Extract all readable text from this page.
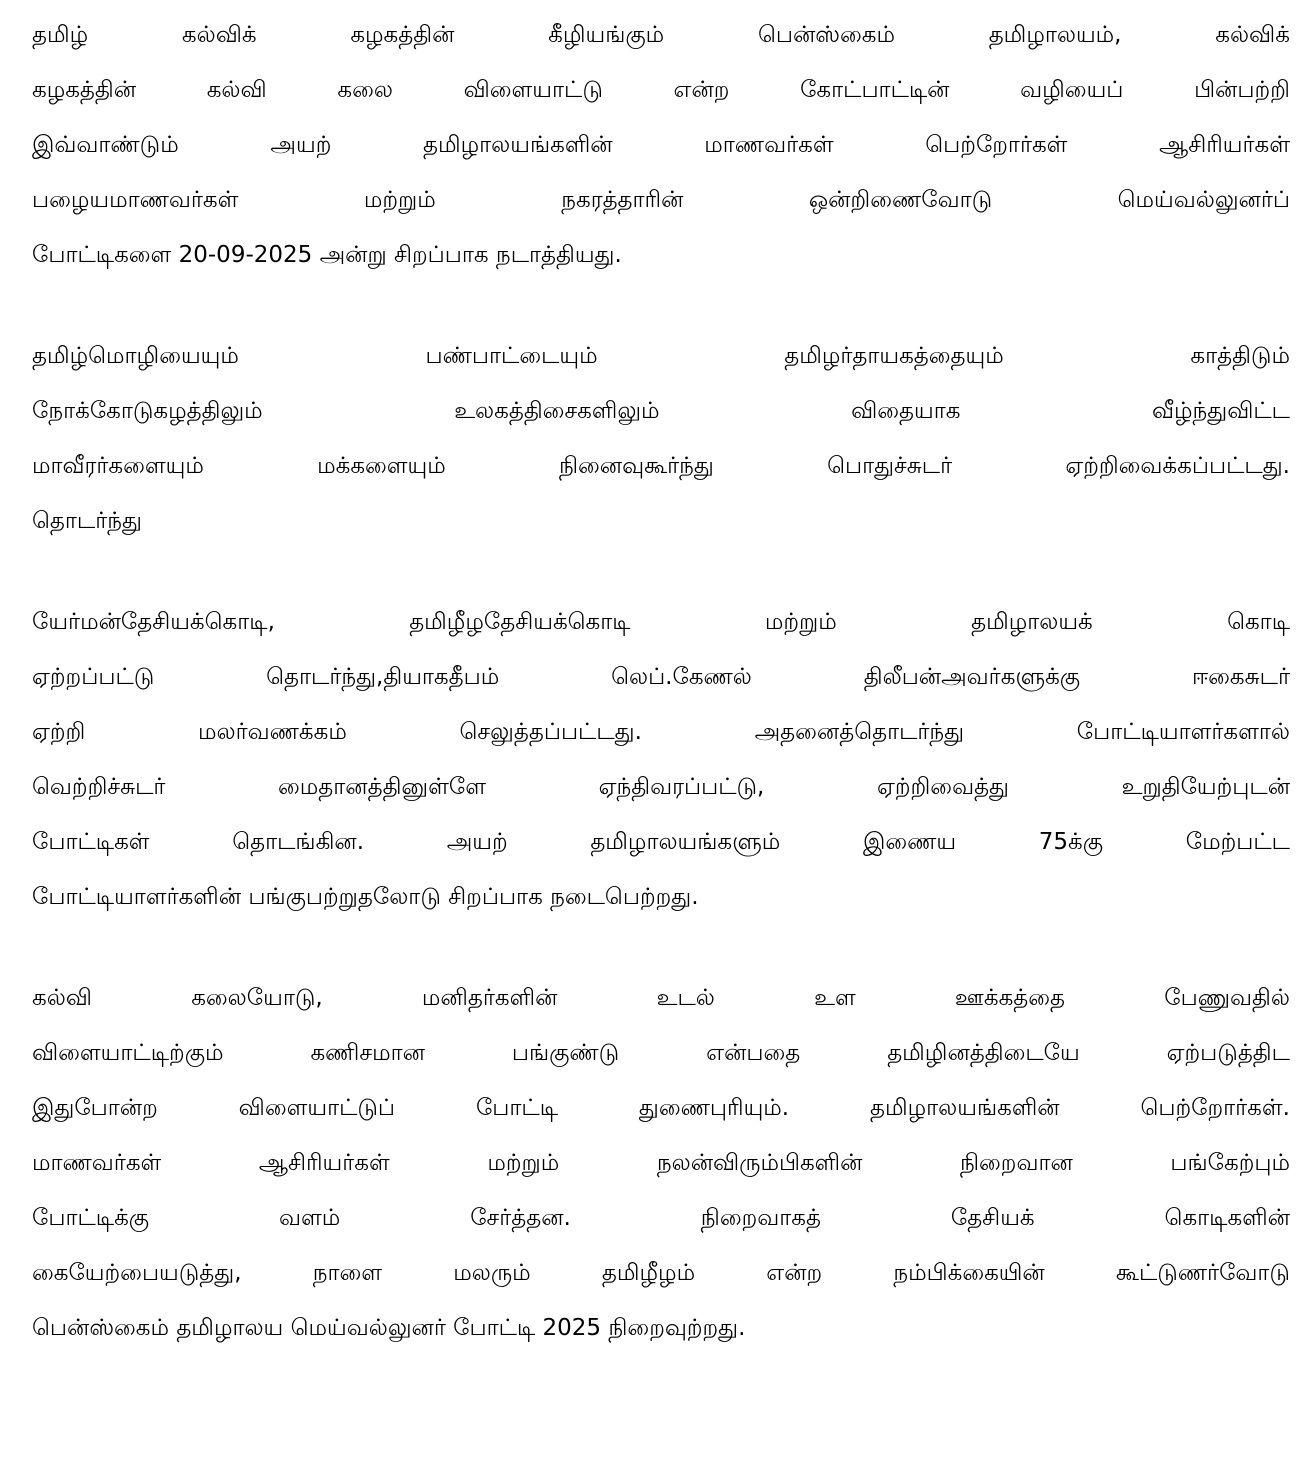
தமிழ்	கல்விக்	கழகத்தின்	கீழியங்கும்	பென்ஸ்கைம்	தமிழாலயம்,	கல்விக்
கழகத்தின்	கல்வி	கலை	விளையாட்டு	என்ற	கோட்பாட்டின்	வழியைப்	பின்பற்றி
இவ்வாண்டும்	அயற்	தமிழாலயங்களின்	மாணவர்கள்	பெற்றோர்கள்	ஆசிரியர்கள்
பழையமாணவர்கள்	மற்றும்	நகரத்தாரின்	ஒன்றிணைவோடு	மெய்வல்லுனர்ப்
போட்டிகளை 20-09-2025 அன்று சிறப்பாக நடாத்தியது.
தமிழ்மொழியையும்	பண்பாட்டையும்	தமிழர்தாயகத்தையும்	காத்திடும்
நோக்கோடுகழத்திலும்	உலகத்திசைகளிலும்	விதையாக	வீழ்ந்துவிட்ட
மாவீரர்களையும்	மக்களையும்	நினைவுகூர்ந்து	பொதுச்சுடர்	ஏற்றிவைக்கப்பட்டது.
தொடர்ந்து
யேர்மன்தேசியக்கொடி,	தமிழீழதேசியக்கொடி	மற்றும்	தமிழாலயக்	கொடி
ஏற்றப்பட்டு	தொடர்ந்து,தியாகதீபம்	லெப்.கேணல்	திலீபன்அவர்களுக்கு	ஈகைசுடர்
ஏற்றி	மலர்வணக்கம்	செலுத்தப்பட்டது.	அதனைத்தொடர்ந்து	போட்டியாளர்களால்
வெற்றிச்சுடர்	மைதானத்தினுள்ளே	ஏந்திவரப்பட்டு,	ஏற்றிவைத்து	உறுதியேற்புடன்
போட்டிகள்	தொடங்கின.	அயற்	தமிழாலயங்களும்	இணைய	75க்கு	மேற்பட்ட
போட்டியாளர்களின் பங்குபற்றுதலோடு சிறப்பாக நடைபெற்றது.
கல்வி	கலையோடு,	மனிதர்களின்	உடல்	உள	ஊக்கத்தை	பேணுவதில்
விளையாட்டிற்கும்	கணிசமான	பங்குண்டு	என்பதை	தமிழினத்திடையே	ஏற்படுத்திட
இதுபோன்ற	விளையாட்டுப்	போட்டி	துணைபுரியும்.	தமிழாலயங்களின்	பெற்றோர்கள்.
மாணவர்கள்	ஆசிரியர்கள்	மற்றும்	நலன்விரும்பிகளின்	நிறைவான	பங்கேற்பும்
போட்டிக்கு	வளம்	சேர்த்தன.	நிறைவாகத்	தேசியக்	கொடிகளின்
கையேற்பையடுத்து,	நாளை	மலரும்	தமிழீழம்	என்ற	நம்பிக்கையின்	கூட்டுணர்வோடு
பென்ஸ்கைம் தமிழாலய மெய்வல்லுனர் போட்டி 2025 நிறைவுற்றது.
